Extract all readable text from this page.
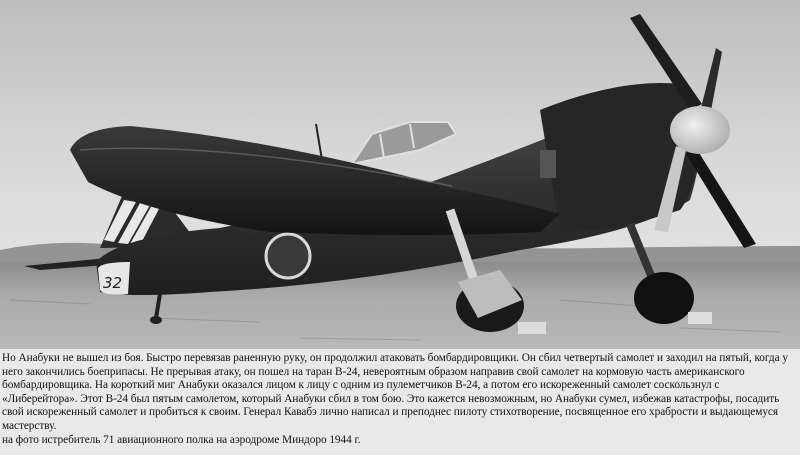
32

Но Анабуки не вышел из боя. Быстро перевязав раненную руку, он продолжил атаковать бомбардировщики. Он сбил четвертый самолет и заходил на пятый, когда у него закончились боеприпасы. Не прерывая атаку, он пошел на таран B-24, невероятным образом направив свой самолет на кормовую часть американского бомбардировщика. На короткий миг Анабуки оказался лицом к лицу с одним из пулеметчиков B-24, а потом его искореженный самолет соскользнул с «Либерейтора». Этот B-24 был пятым самолетом, который Анабуки сбил в том бою. Это кажется невозможным, но Анабуки сумел, избежав катастрофы, посадить свой искореженный самолет и пробиться к своим. Генерал Кавабэ лично написал и преподнес пилоту стихотворение, посвященное его храбрости и выдающемуся мастерству.

на фото истребитель 71 авиационного полка на аэродроме Миндоро 1944 г.
